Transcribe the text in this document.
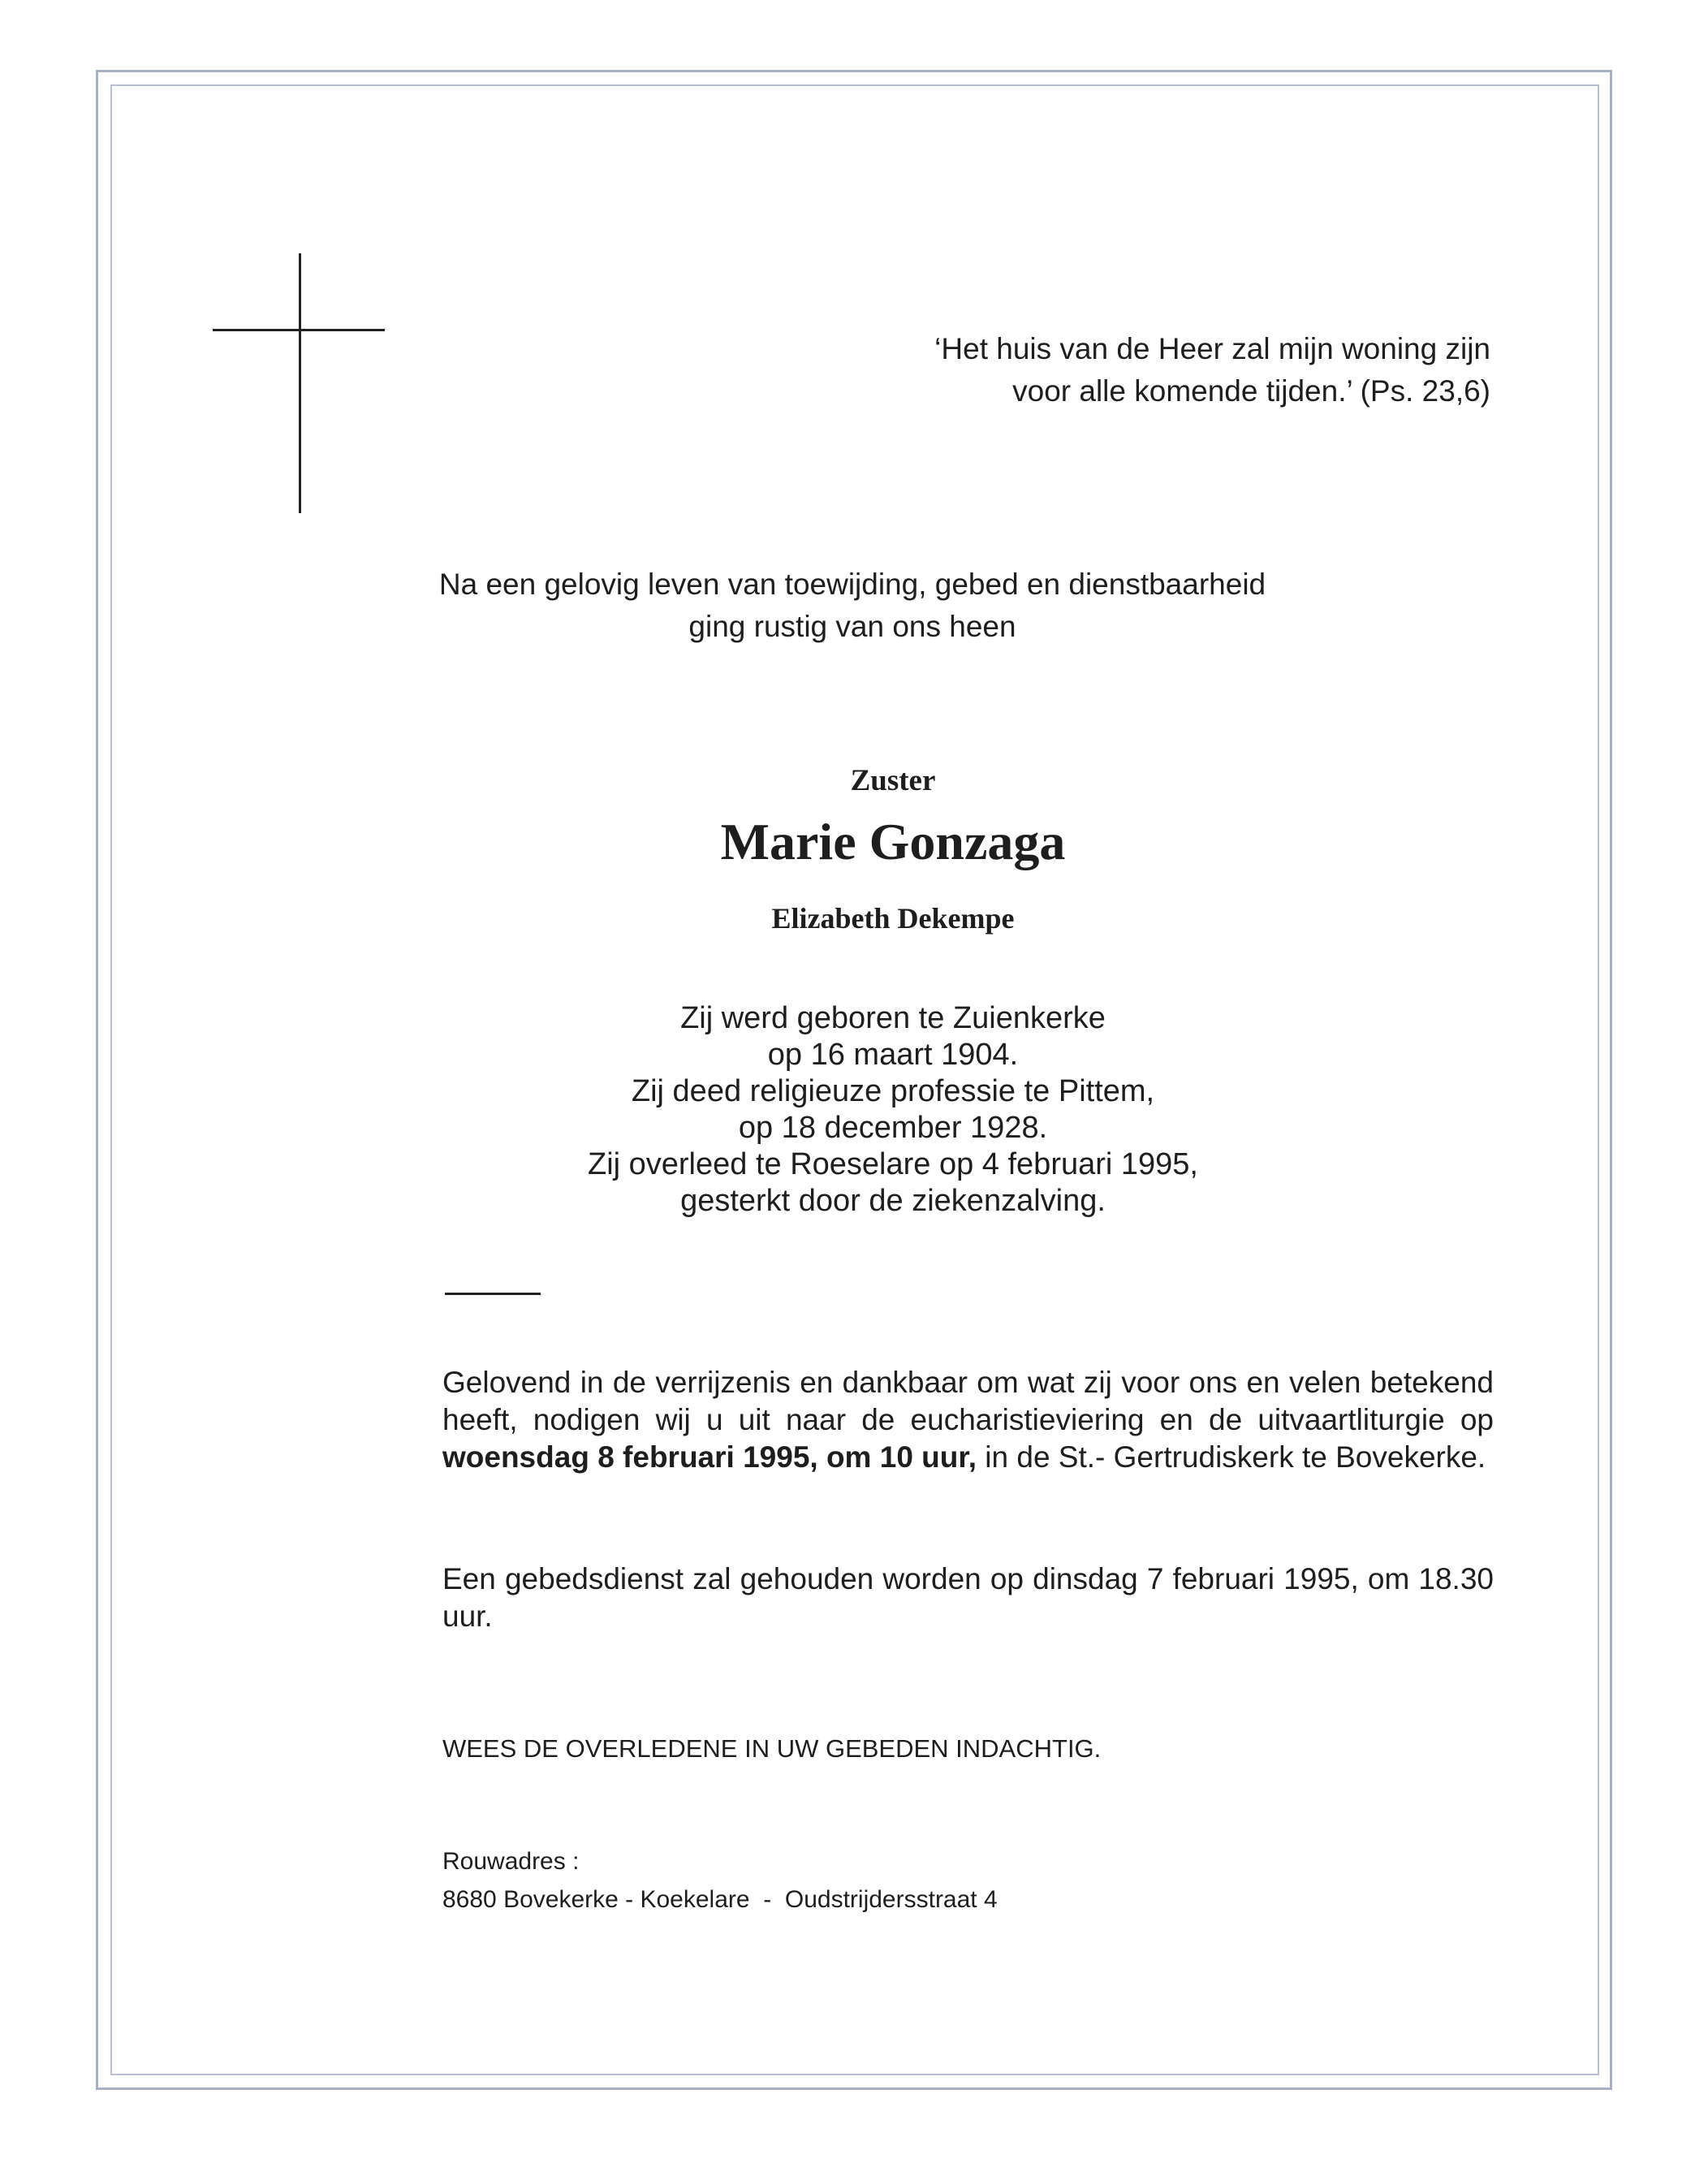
‘Het huis van de Heer zal mijn woning zijn
voor alle komende tijden.’ (Ps. 23,6)
Na een gelovig leven van toewijding, gebed en dienstbaarheid
ging rustig van ons heen
Zuster
Marie Gonzaga
Elizabeth Dekempe
Zij werd geboren te Zuienkerke
op 16 maart 1904.
Zij deed religieuze professie te Pittem,
op 18 december 1928.
Zij overleed te Roeselare op 4 februari 1995,
gesterkt door de ziekenzalving.
Gelovend in de verrijzenis en dankbaar om wat zij voor ons en velen betekend heeft, nodigen wij u uit naar de eucharistieviering en de uitvaartliturgie op woensdag 8 februari 1995, om 10 uur, in de St.- Gertrudiskerk te Bovekerke.
Een gebedsdienst zal gehouden worden op dinsdag 7 februari 1995, om 18.30 uur.
WEES DE OVERLEDENE IN UW GEBEDEN INDACHTIG.
Rouwadres :
8680 Bovekerke - Koekelare  -  Oudstrijdersstraat 4
